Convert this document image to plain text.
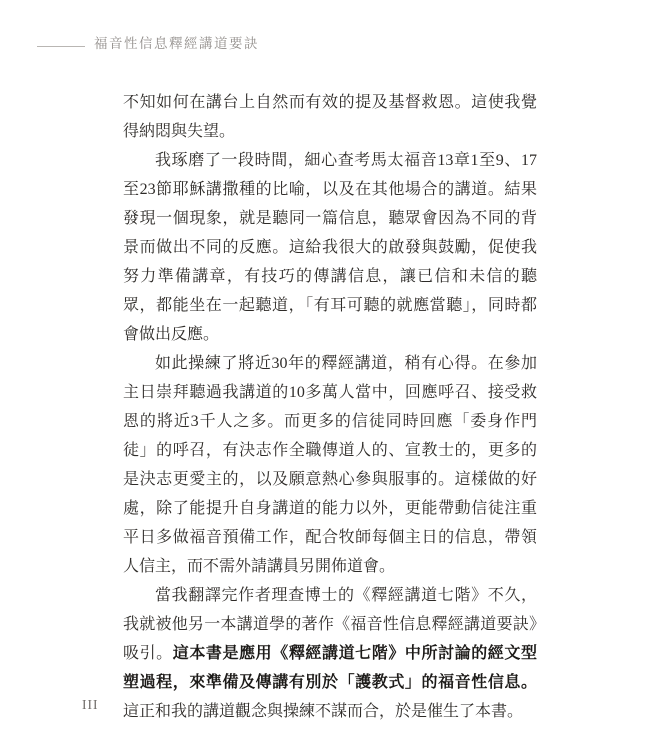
福音性信息釋經講道要訣

不知如何在講台上自然而有效的提及基督救恩。這使我覺得納悶與失望。

我琢磨了一段時間，細心查考馬太福音13章1至9、17至23節耶穌講撒種的比喻，以及在其他場合的講道。結果發現一個現象，就是聽同一篇信息，聽眾會因為不同的背景而做出不同的反應。這給我很大的啟發與鼓勵，促使我努力準備講章，有技巧的傳講信息，讓已信和未信的聽眾，都能坐在一起聽道，「有耳可聽的就應當聽」，同時都會做出反應。

如此操練了將近30年的釋經講道，稍有心得。在參加主日崇拜聽過我講道的10多萬人當中，回應呼召、接受救恩的將近3千人之多。而更多的信徒同時回應「委身作門徒」的呼召，有決志作全職傳道人的、宣教士的，更多的是決志更愛主的，以及願意熱心參與服事的。這樣做的好處，除了能提升自身講道的能力以外，更能帶動信徒注重平日多做福音預備工作，配合牧師每個主日的信息，帶領人信主，而不需外請講員另開佈道會。

當我翻譯完作者理查博士的《釋經講道七階》不久，我就被他另一本講道學的著作《福音性信息釋經講道要訣》吸引。這本書是應用《釋經講道七階》中所討論的經文型塑過程，來準備及傳講有別於「護教式」的福音性信息。這正和我的講道觀念與操練不謀而合，於是催生了本書。

III
